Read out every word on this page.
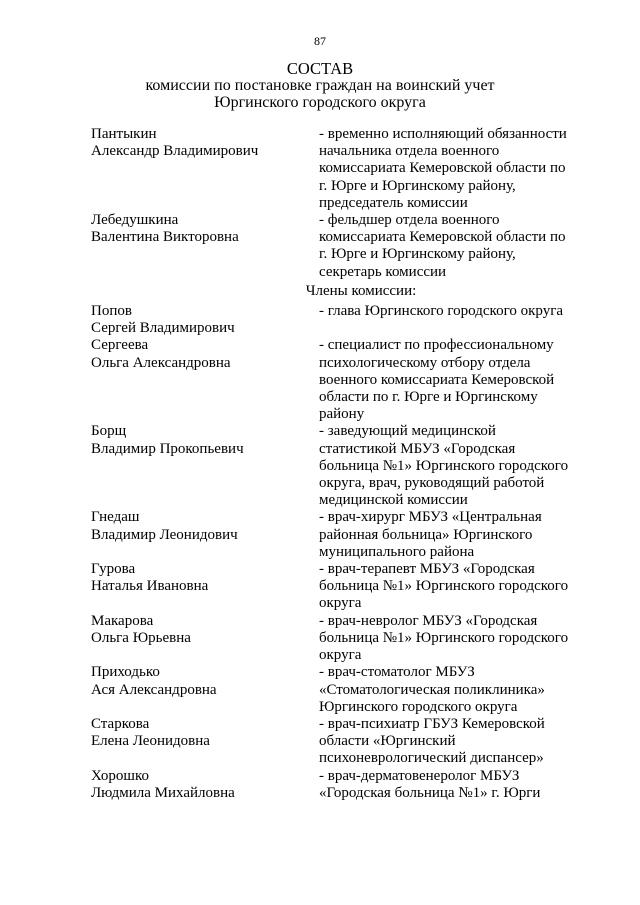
87
СОСТАВ
комиссии по постановке граждан на воинский учет
Юргинского городского округа
Пантыкин
Александр Владимирович
- временно исполняющий обязанности
начальника отдела военного
комиссариата Кемеровской области по
г. Юрге и Юргинскому району,
председатель комиссии
Лебедушкина
Валентина Викторовна
- фельдшер отдела военного
комиссариата Кемеровской области по
г. Юрге и Юргинскому району,
секретарь комиссии
Члены комиссии:
Попов
Сергей Владимирович
- глава Юргинского городского округа
Сергеева
Ольга Александровна
- специалист по профессиональному
психологическому отбору отдела
военного комиссариата Кемеровской
области по г. Юрге и Юргинскому
району
Борщ
Владимир Прокопьевич
- заведующий медицинской
статистикой МБУЗ «Городская
больница №1» Юргинского городского
округа, врач, руководящий работой
медицинской комиссии
Гнедаш
Владимир Леонидович
- врач-хирург МБУЗ «Центральная
районная больница» Юргинского
муниципального района
Гурова
Наталья Ивановна
- врач-терапевт МБУЗ «Городская
больница №1» Юргинского городского
округа
Макарова
Ольга Юрьевна
- врач-невролог МБУЗ «Городская
больница №1» Юргинского городского
округа
Приходько
Ася Александровна
- врач-стоматолог МБУЗ
«Стоматологическая поликлиника»
Юргинского городского округа
Старкова
Елена Леонидовна
- врач-психиатр ГБУЗ Кемеровской
области «Юргинский
психоневрологический диспансер»
Хорошко
Людмила Михайловна
- врач-дерматовенеролог МБУЗ
«Городская больница №1» г. Юрги
